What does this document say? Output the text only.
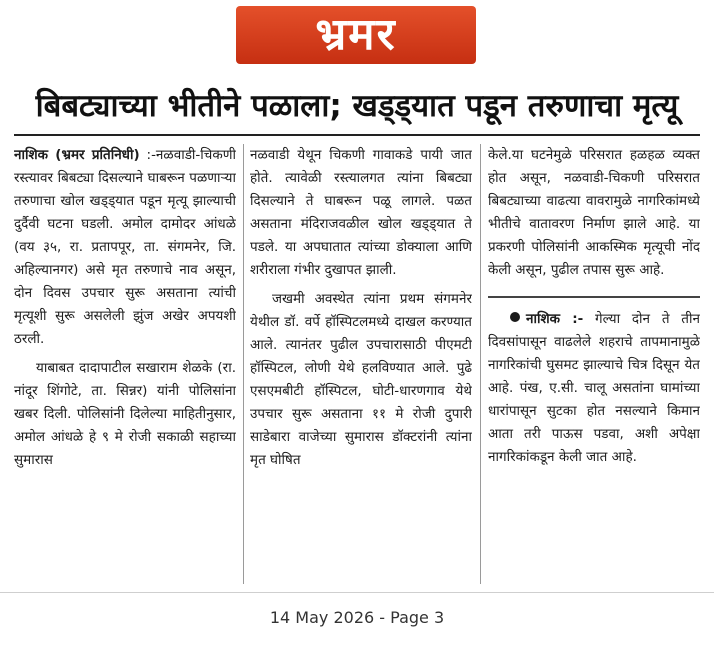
भ्रमर
बिबट्याच्या भीतीने पळाला; खड्ड्यात पडून तरुणाचा मृत्यू

नाशिक (भ्रमर प्रतिनिधी) :-नळवाडी-चिकणी रस्त्यावर बिबट्या दिसल्याने घाबरून पळणाऱ्या तरुणाचा खोल खड्ड्यात पडून मृत्यू झाल्याची दुर्दैवी घटना घडली. अमोल दामोदर आंधळे (वय ३५, रा. प्रतापपूर, ता. संगमनेर, जि. अहिल्यानगर) असे मृत तरुणाचे नाव असून, दोन दिवस उपचार सुरू असताना त्यांची मृत्यूशी सुरू असलेली झुंज अखेर अपयशी ठरली.

याबाबत दादापाटील सखाराम शेळके (रा. नांदूर शिंगोटे, ता. सिन्नर) यांनी पोलिसांना खबर दिली. पोलिसांनी दिलेल्या माहितीनुसार, अमोल आंधळे हे ९ मे रोजी सकाळी सहाच्या सुमारास

नळवाडी येथून चिकणी गावाकडे पायी जात होते. त्यावेळी रस्त्यालगत त्यांना बिबट्या दिसल्याने ते घाबरून पळू लागले. पळत असताना मंदिराजवळील खोल खड्ड्यात ते पडले. या अपघातात त्यांच्या डोक्याला आणि शरीराला गंभीर दुखापत झाली.

जखमी अवस्थेत त्यांना प्रथम संगमनेर येथील डॉ. वर्पे हॉस्पिटलमध्ये दाखल करण्यात आले. त्यानंतर पुढील उपचारासाठी पीएमटी हॉस्पिटल, लोणी येथे हलविण्यात आले. पुढे एसएमबीटी हॉस्पिटल, घोटी-धारणगाव येथे उपचार सुरू असताना ११ मे रोजी दुपारी साडेबारा वाजेच्या सुमारास डॉक्टरांनी त्यांना मृत घोषित

केले.या घटनेमुळे परिसरात हळहळ व्यक्त होत असून, नळवाडी-चिकणी परिसरात बिबट्याच्या वाढत्या वावरामुळे नागरिकांमध्ये भीतीचे वातावरण निर्माण झाले आहे. या प्रकरणी पोलिसांनी आकस्मिक मृत्यूची नोंद केली असून, पुढील तपास सुरू आहे.

नाशिक :- गेल्या दोन ते तीन दिवसांपासून वाढलेले शहराचे तापमानामुळे नागरिकांची घुसमट झाल्याचे चित्र दिसून येत आहे. पंख, ए.सी. चालू असतांना घामांच्या धारांपासून सुटका होत नसल्याने किमान आता तरी पाऊस पडवा, अशी अपेक्षा नागरिकांकडून केली जात आहे.

14 May 2026 - Page 3
